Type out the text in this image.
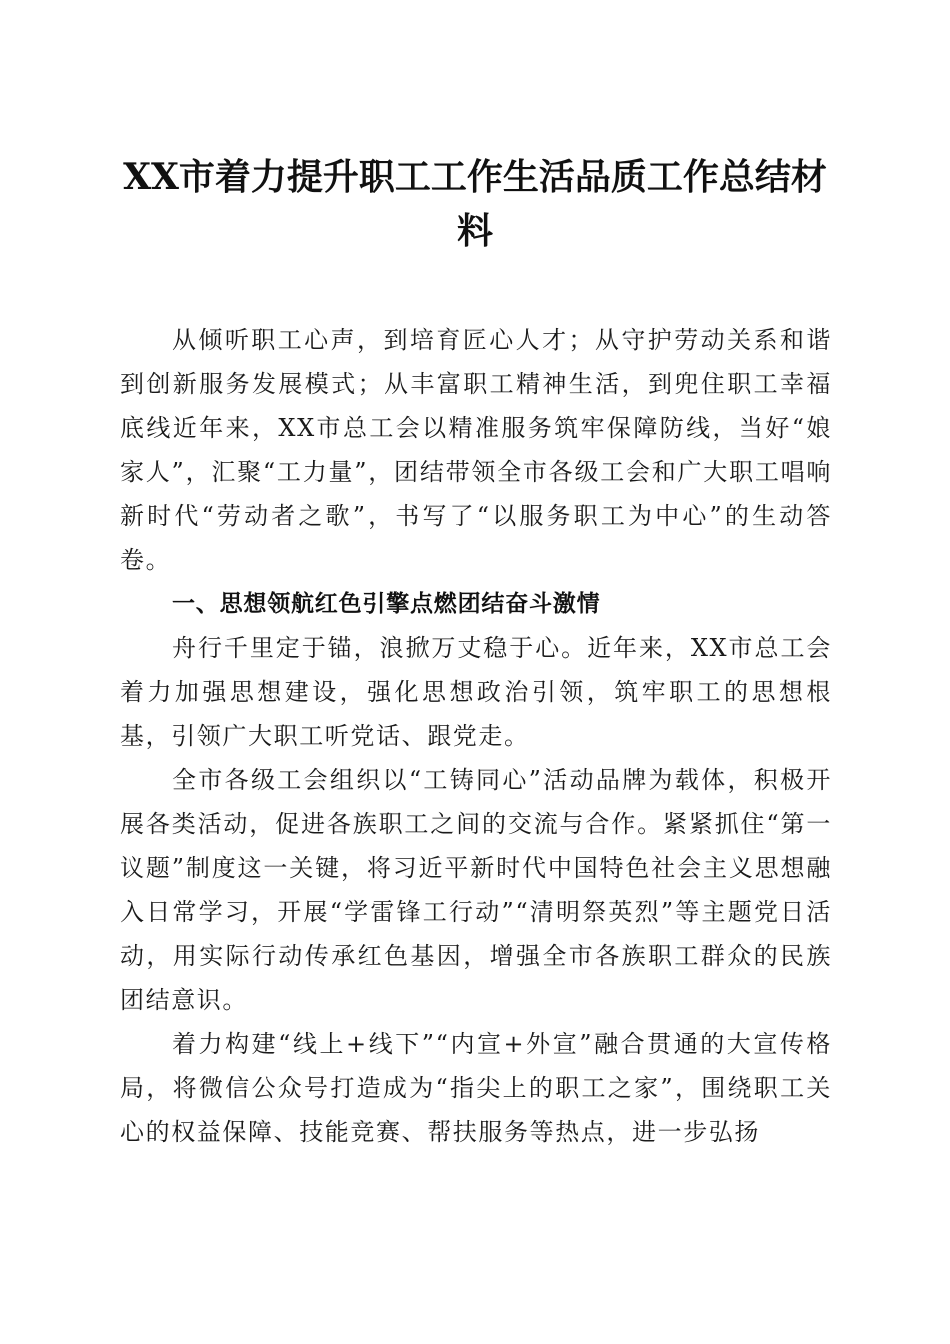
XX市着力提升职工工作生活品质工作总结材料

从倾听职工心声，到培育匠心人才；从守护劳动关系和谐到创新服务发展模式；从丰富职工精神生活，到兜住职工幸福底线近年来，XX市总工会以精准服务筑牢保障防线，当好“娘家人”，汇聚“工力量”，团结带领全市各级工会和广大职工唱响新时代“劳动者之歌”，书写了“以服务职工为中心”的生动答卷。

一、思想领航红色引擎点燃团结奋斗激情

舟行千里定于锚，浪掀万丈稳于心。近年来，XX市总工会着力加强思想建设，强化思想政治引领，筑牢职工的思想根基，引领广大职工听党话、跟党走。

全市各级工会组织以“工铸同心”活动品牌为载体，积极开展各类活动，促进各族职工之间的交流与合作。紧紧抓住“第一议题”制度这一关键，将习近平新时代中国特色社会主义思想融入日常学习，开展“学雷锋工行动”“清明祭英烈”等主题党日活动，用实际行动传承红色基因，增强全市各族职工群众的民族团结意识。

着力构建“线上+线下”“内宣+外宣”融合贯通的大宣传格局，将微信公众号打造成为“指尖上的职工之家”，围绕职工关心的权益保障、技能竞赛、帮扶服务等热点，进一步弘扬
